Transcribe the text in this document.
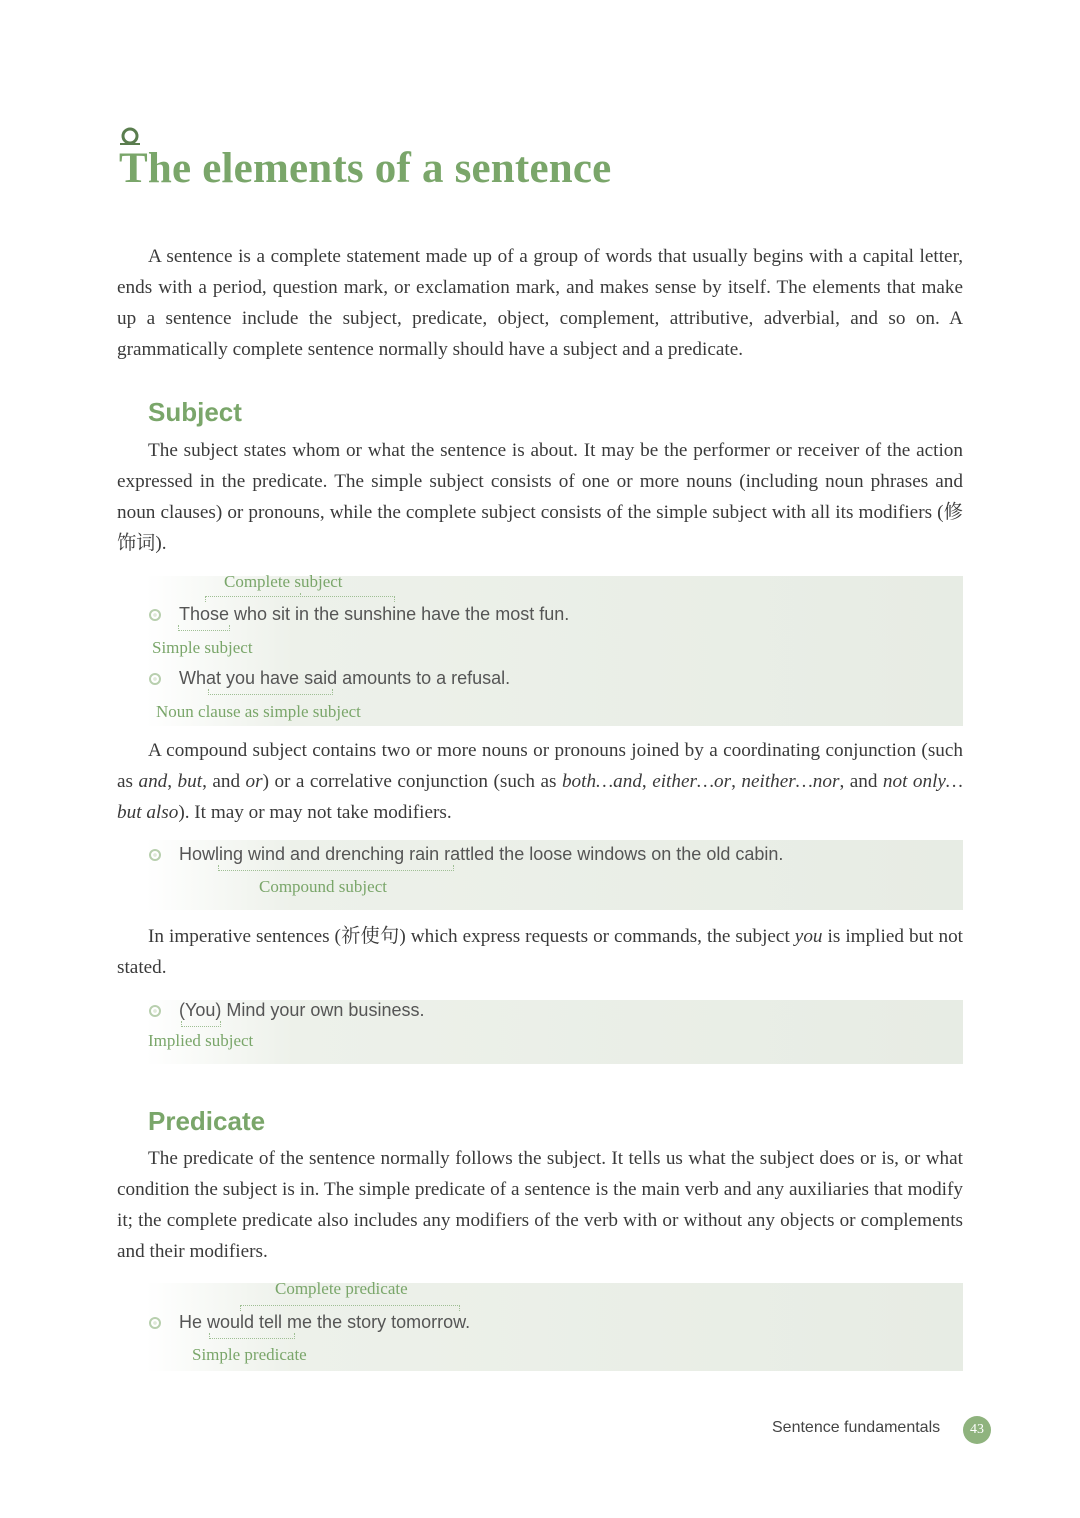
The elements of a sentence

A sentence is a complete statement made up of a group of words that usually begins with a capital letter, ends with a period, question mark, or exclamation mark, and makes sense by itself. The elements that make up a sentence include the subject, predicate, object, complement, attributive, adverbial, and so on. A grammatically complete sentence normally should have a subject and a predicate.

Subject

The subject states whom or what the sentence is about. It may be the performer or receiver of the action expressed in the predicate. The simple subject consists of one or more nouns (including noun phrases and noun clauses) or pronouns, while the complete subject consists of the simple subject with all its modifiers (修饰词).

Complete subject
Those who sit in the sunshine have the most fun.
Simple subject
What you have said amounts to a refusal.
Noun clause as simple subject

A compound subject contains two or more nouns or pronouns joined by a coordinating conjunction (such as and, but, and or) or a correlative conjunction (such as both…and, either…or, neither…nor, and not only…but also). It may or may not take modifiers.

Howling wind and drenching rain rattled the loose windows on the old cabin.
Compound subject

In imperative sentences (祈使句) which express requests or commands, the subject you is implied but not stated.

(You) Mind your own business.
Implied subject
Predicate

The predicate of the sentence normally follows the subject. It tells us what the subject does or is, or what condition the subject is in. The simple predicate of a sentence is the main verb and any auxiliaries that modify it; the complete predicate also includes any modifiers of the verb with or without any objects or complements and their modifiers.

Complete predicate
He would tell me the story tomorrow.
Simple predicate
Sentence fundamentals	43
